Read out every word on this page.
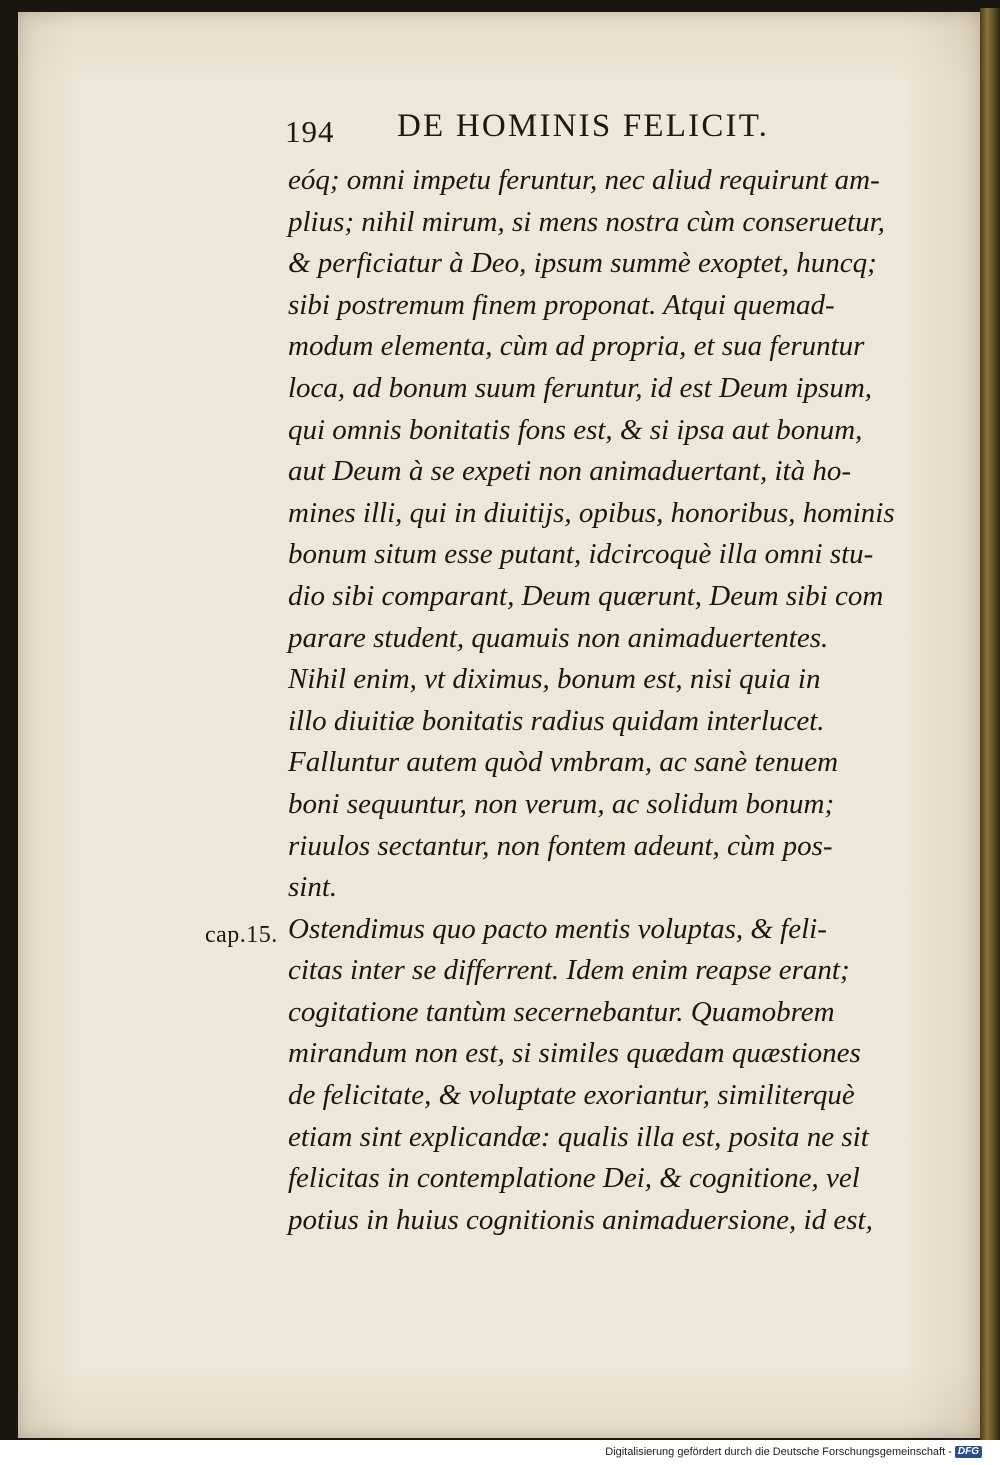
194 DE HOMINIS FELICIT.
cap.15.
eóq; omni impetu feruntur, nec aliud requirunt am-
plius; nihil mirum, si mens nostra cùm conseruetur,
& perficiatur à Deo, ipsum summè exoptet, huncq;
sibi postremum finem proponat. Atqui quemad-
modum elementa, cùm ad propria, et sua feruntur
loca, ad bonum suum feruntur, id est Deum ipsum,
qui omnis bonitatis fons est, & si ipsa aut bonum,
aut Deum à se expeti non animaduertant, ità ho-
mines illi, qui in diuitijs, opibus, honoribus, hominis
bonum situm esse putant, idcircoquè illa omni stu-
dio sibi comparant, Deum quærunt, Deum sibi com
parare student, quamuis non animaduertentes.
Nihil enim, vt diximus, bonum est, nisi quia in
illo diuitiæ bonitatis radius quidam interlucet.
Falluntur autem quòd vmbram, ac sanè tenuem
boni sequuntur, non verum, ac solidum bonum;
riuulos sectantur, non fontem adeunt, cùm pos-
sint.
Ostendimus quo pacto mentis voluptas, & feli-
citas inter se differrent. Idem enim reapse erant;
cogitatione tantùm secernebantur. Quamobrem
mirandum non est, si similes quædam quæstiones
de felicitate, & voluptate exoriantur, similiterquè
etiam sint explicandæ: qualis illa est, posita ne sit
felicitas in contemplatione Dei, & cognitione, vel
potius in huius cognitionis animaduersione, id est,
Digitalisierung gefördert durch die Deutsche Forschungsgemeinschaft - DFG
